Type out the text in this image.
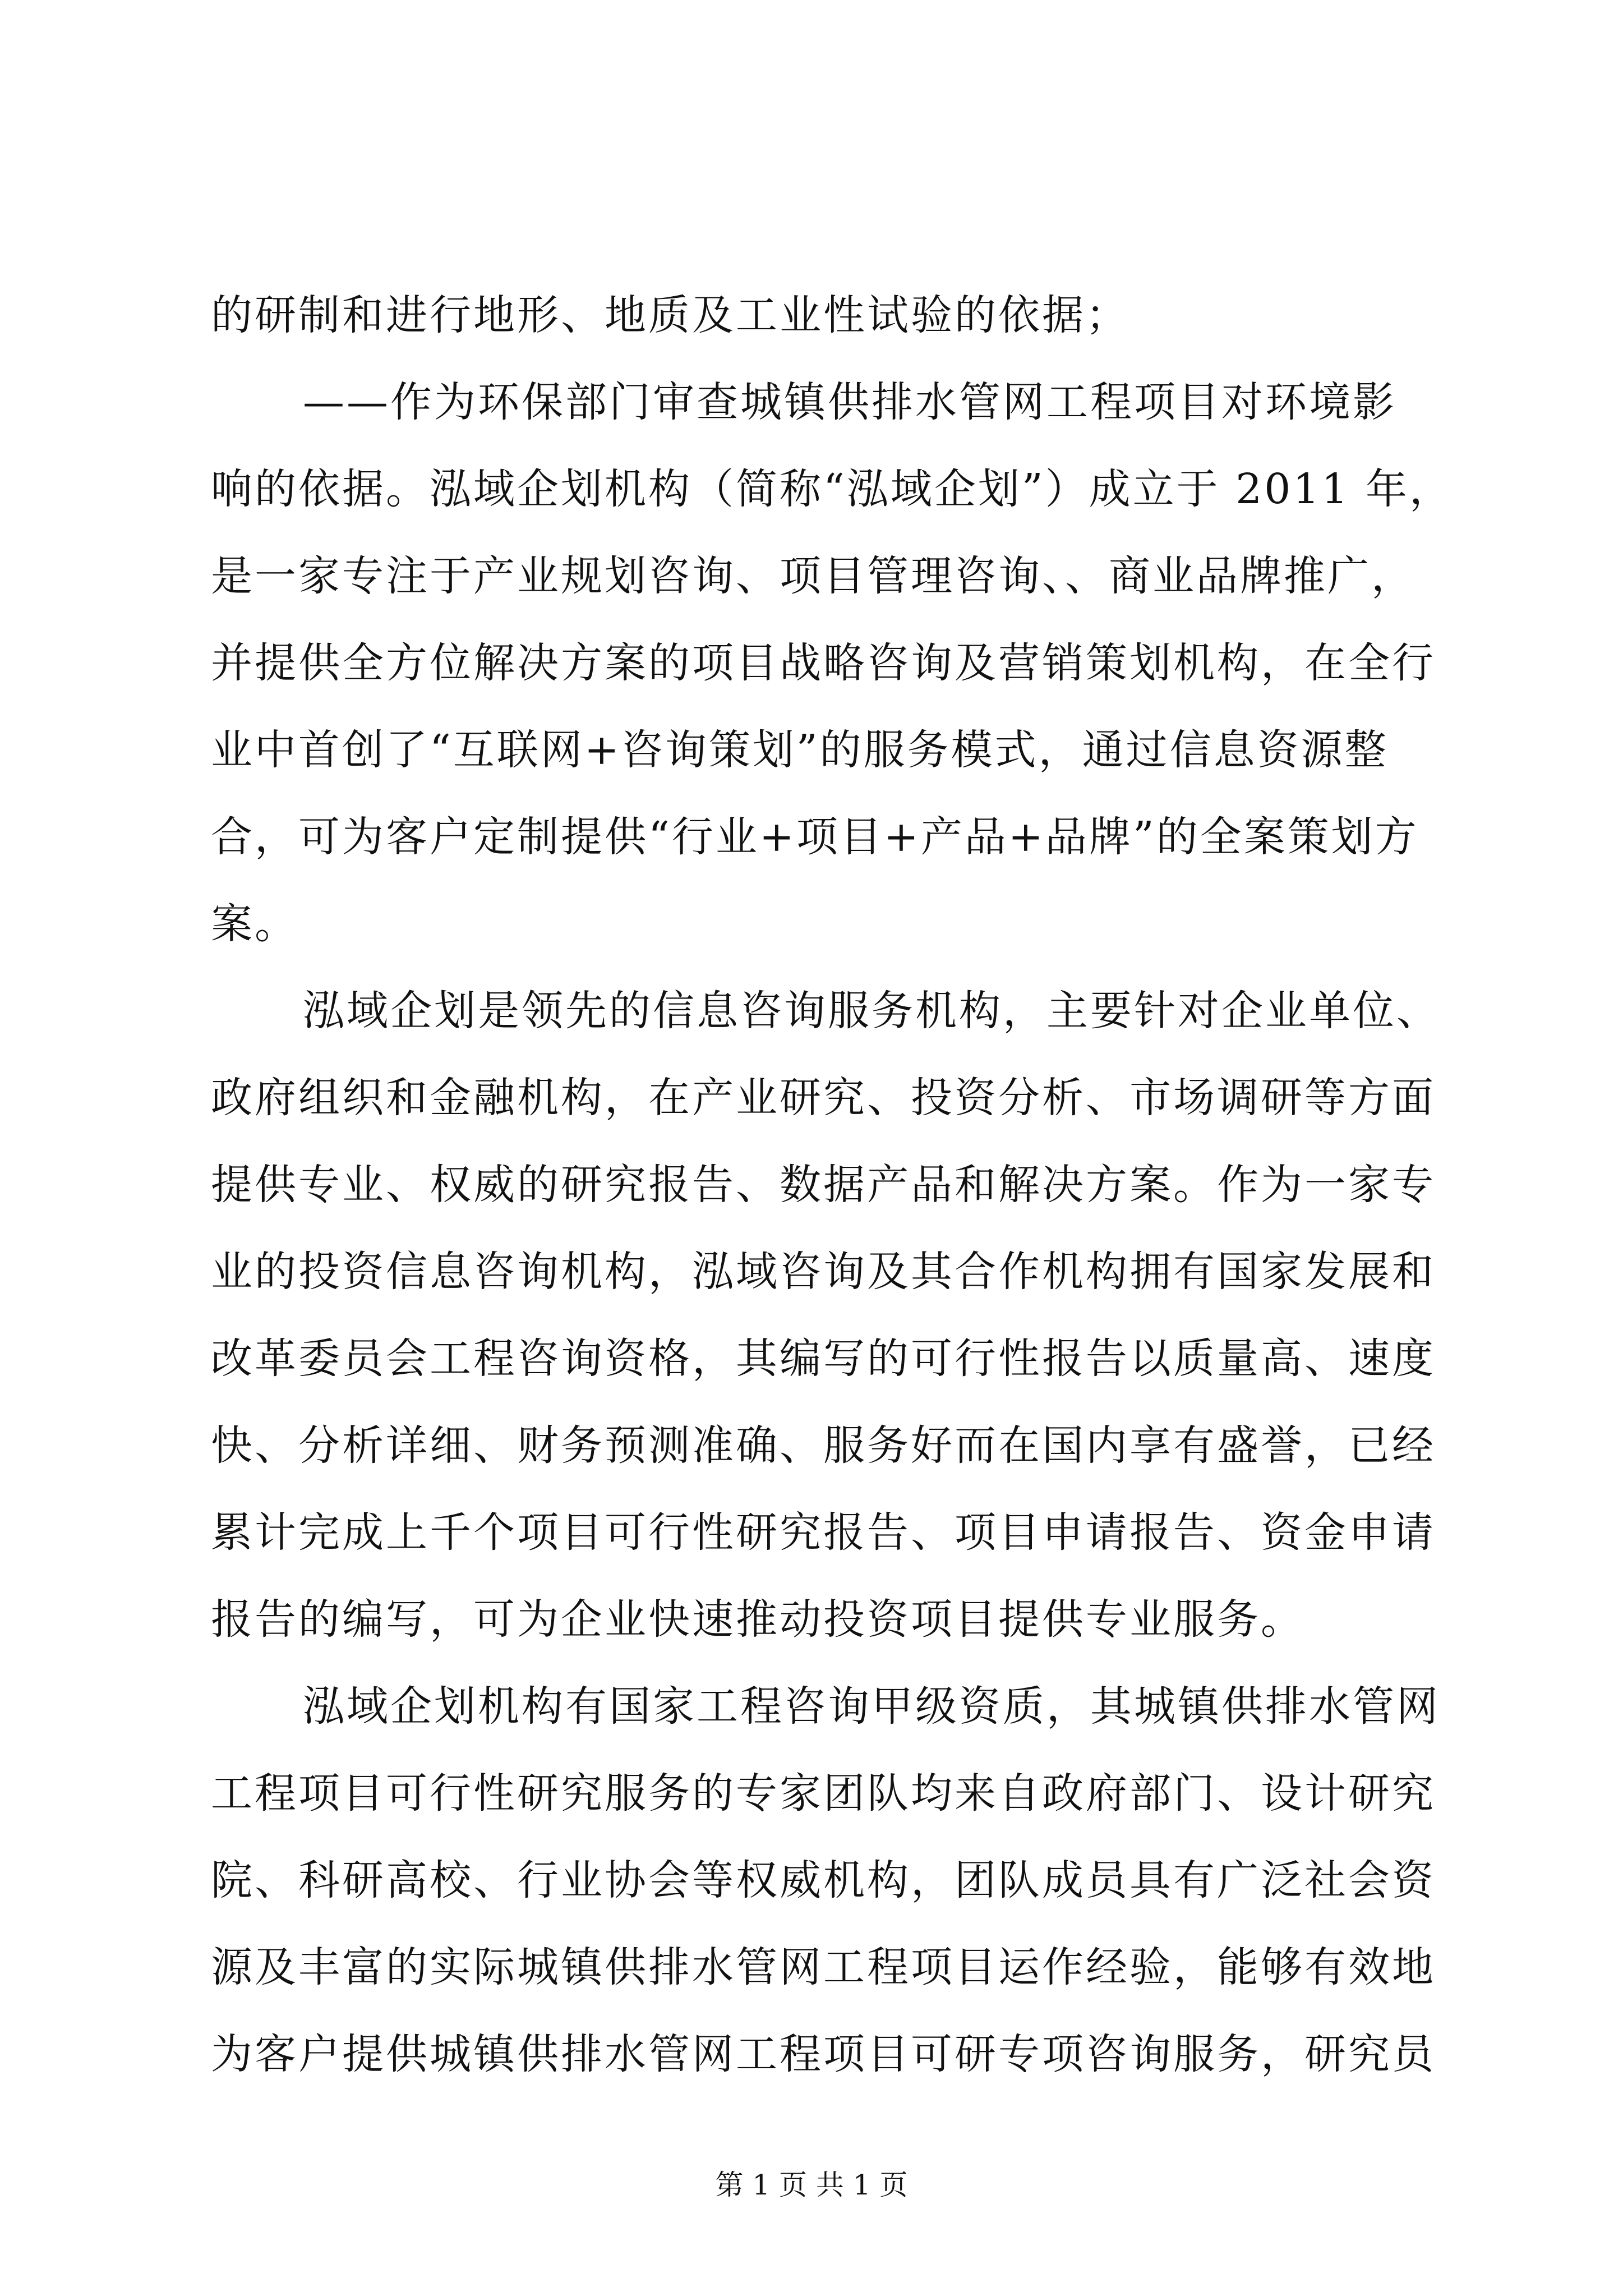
的研制和进行地形、地质及工业性试验的依据；
——作为环保部门审查城镇供排水管网工程项目对环境影
响的依据。泓域企划机构（简称“泓域企划”）成立于 2011 年，
是一家专注于产业规划咨询、项目管理咨询、、商业品牌推广，
并提供全方位解决方案的项目战略咨询及营销策划机构，在全行
业中首创了“互联网+咨询策划”的服务模式，通过信息资源整
合，可为客户定制提供“行业+项目+产品+品牌”的全案策划方
案。
泓域企划是领先的信息咨询服务机构，主要针对企业单位、
政府组织和金融机构，在产业研究、投资分析、市场调研等方面
提供专业、权威的研究报告、数据产品和解决方案。作为一家专
业的投资信息咨询机构，泓域咨询及其合作机构拥有国家发展和
改革委员会工程咨询资格，其编写的可行性报告以质量高、速度
快、分析详细、财务预测准确、服务好而在国内享有盛誉，已经
累计完成上千个项目可行性研究报告、项目申请报告、资金申请
报告的编写，可为企业快速推动投资项目提供专业服务。
泓域企划机构有国家工程咨询甲级资质，其城镇供排水管网
工程项目可行性研究服务的专家团队均来自政府部门、设计研究
院、科研高校、行业协会等权威机构，团队成员具有广泛社会资
源及丰富的实际城镇供排水管网工程项目运作经验，能够有效地
为客户提供城镇供排水管网工程项目可研专项咨询服务，研究员
第 1 页 共 1 页
